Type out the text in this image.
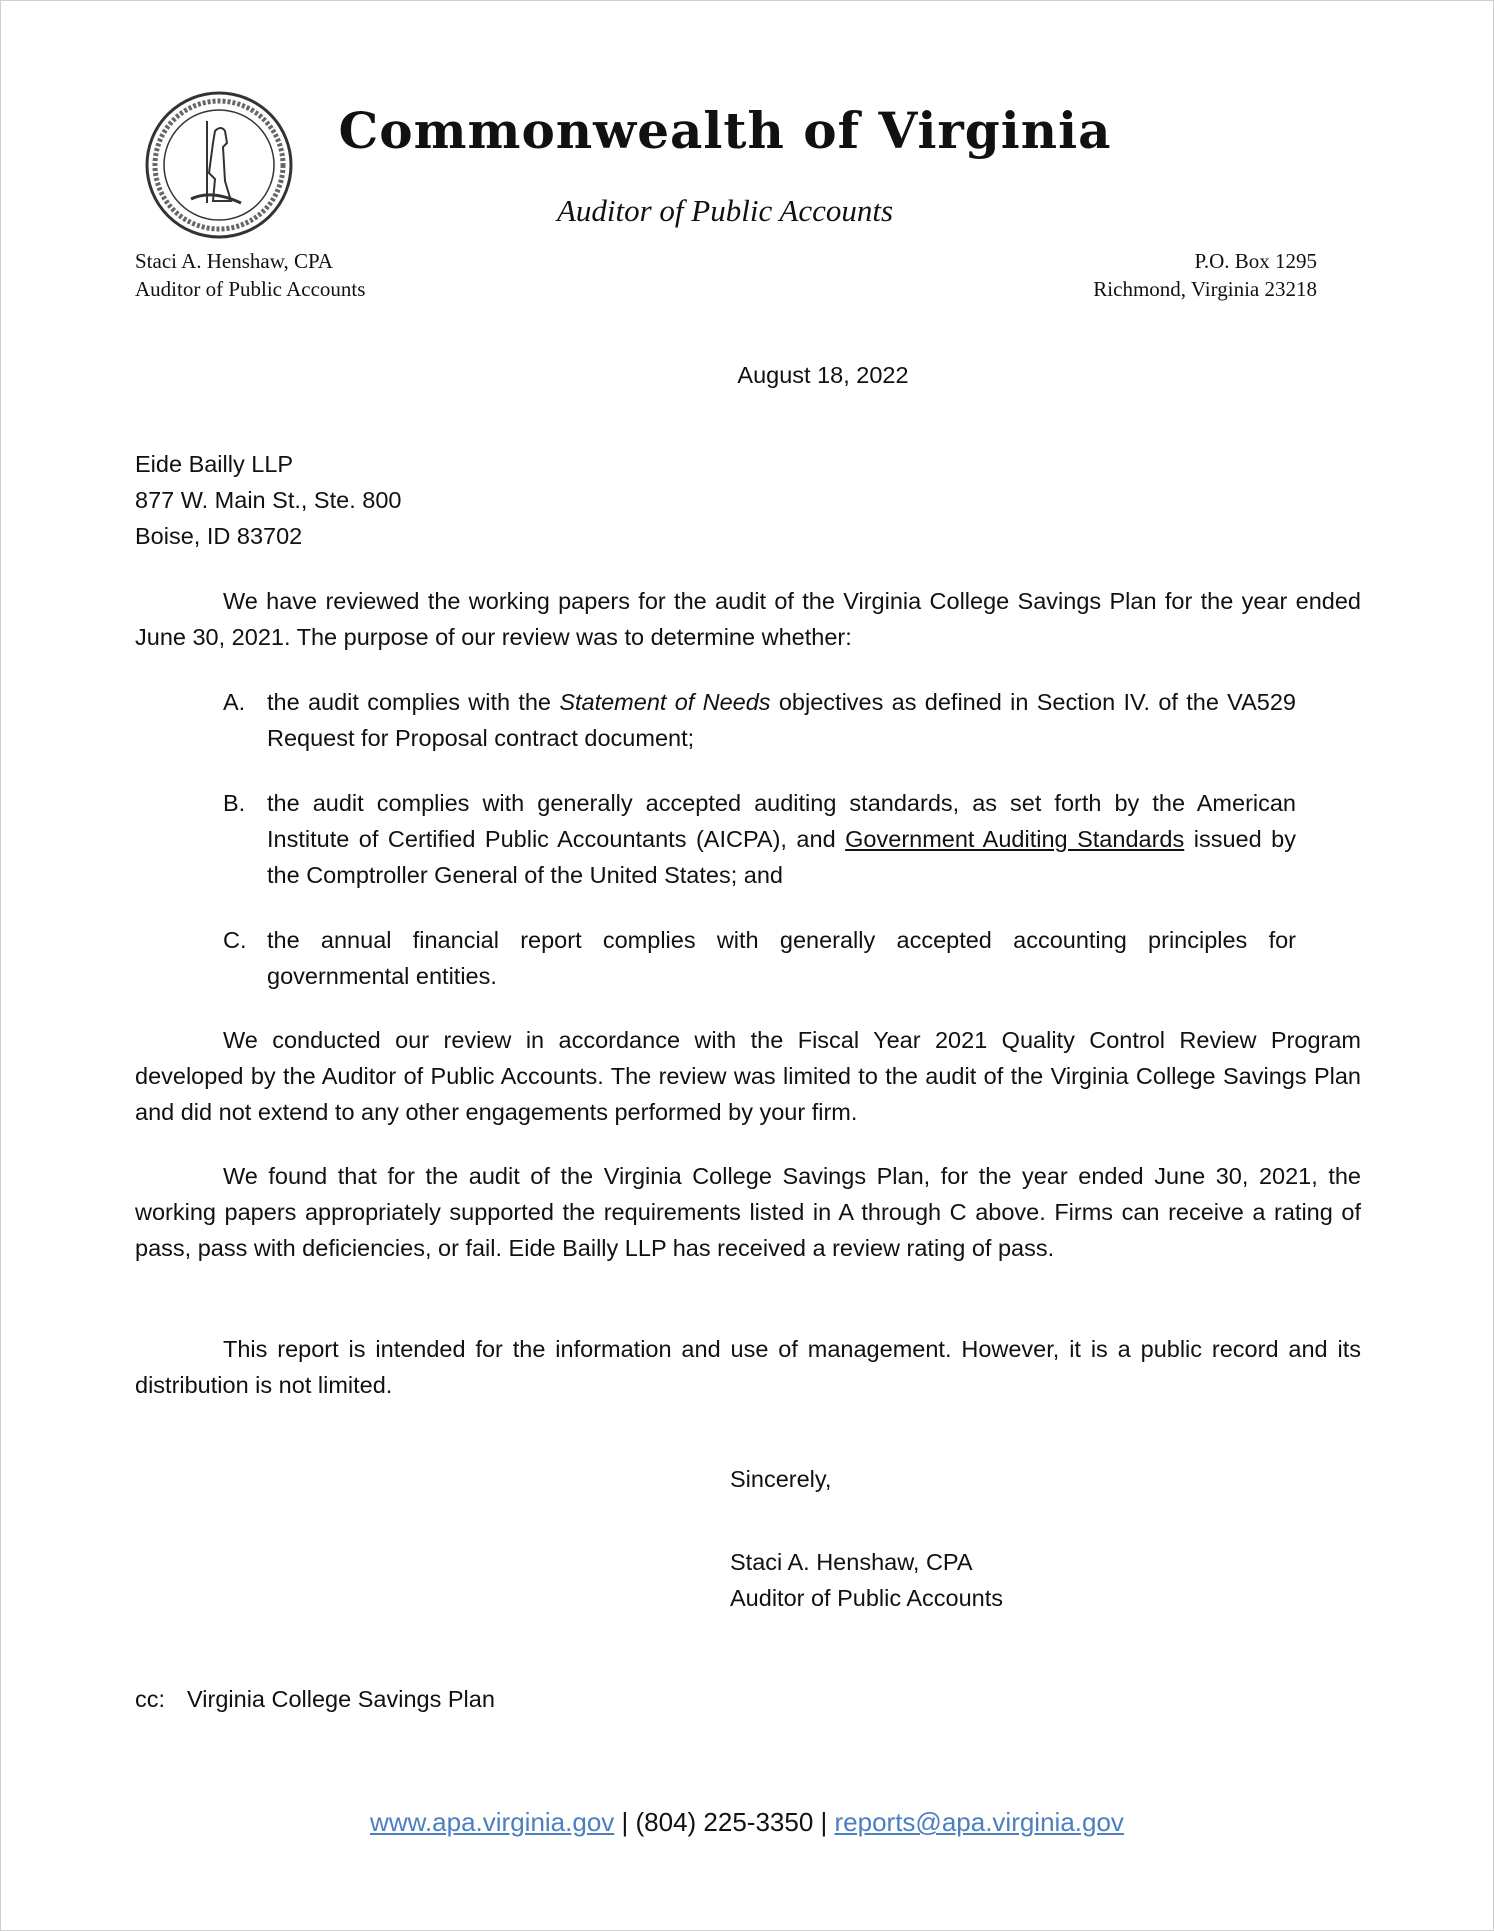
Commonwealth of Virginia
Auditor of Public Accounts
Staci A. Henshaw, CPA
Auditor of Public Accounts
P.O. Box 1295
Richmond, Virginia 23218
August 18, 2022
Eide Bailly LLP
877 W. Main St., Ste. 800
Boise, ID 83702
We have reviewed the working papers for the audit of the Virginia College Savings Plan for the year ended June 30, 2021. The purpose of our review was to determine whether:
A. the audit complies with the Statement of Needs objectives as defined in Section IV. of the VA529 Request for Proposal contract document;
B. the audit complies with generally accepted auditing standards, as set forth by the American Institute of Certified Public Accountants (AICPA), and Government Auditing Standards issued by the Comptroller General of the United States; and
C. the annual financial report complies with generally accepted accounting principles for governmental entities.
We conducted our review in accordance with the Fiscal Year 2021 Quality Control Review Program developed by the Auditor of Public Accounts. The review was limited to the audit of the Virginia College Savings Plan and did not extend to any other engagements performed by your firm.
We found that for the audit of the Virginia College Savings Plan, for the year ended June 30, 2021, the working papers appropriately supported the requirements listed in A through C above. Firms can receive a rating of pass, pass with deficiencies, or fail. Eide Bailly LLP has received a review rating of pass.
This report is intended for the information and use of management. However, it is a public record and its distribution is not limited.
Sincerely,
Staci A. Henshaw, CPA
Auditor of Public Accounts
cc: Virginia College Savings Plan
www.apa.virginia.gov | (804) 225-3350 | reports@apa.virginia.gov
